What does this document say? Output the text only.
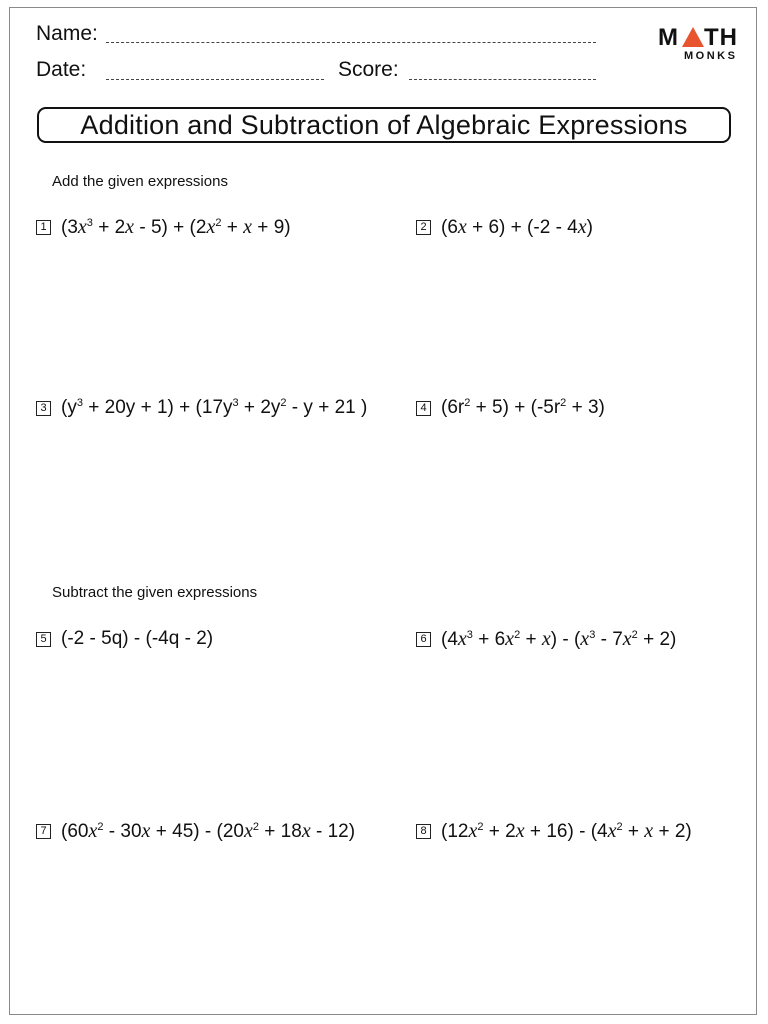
Name:
Date:	Score:
M TH
MONKS
Addition and Subtraction of Algebraic Expressions
Add the given expressions
1 $(3x^3 + 2x - 5) + (2x^2 + x + 9)$	2 (6x + 6) + (-2 - 4x)
3 $(y^3 + 20y + 1) + (17y^3 + 2y^2 - y + 21$ )	4 $(6r^2 + 5) + (-5r^2 + 3)$
Subtract the given expressions
5 (-2 - 5q) - (-4q - 2)	6 $(4x^3 + 6x^2 + x) - (x^3 - 7x^2 + 2)$
7 $(60x^2 - 30x + 45) - (20x^2 + 18x - 12)$	8 $(12x^2 + 2x + 16) - (4x^2 + x + 2)$
